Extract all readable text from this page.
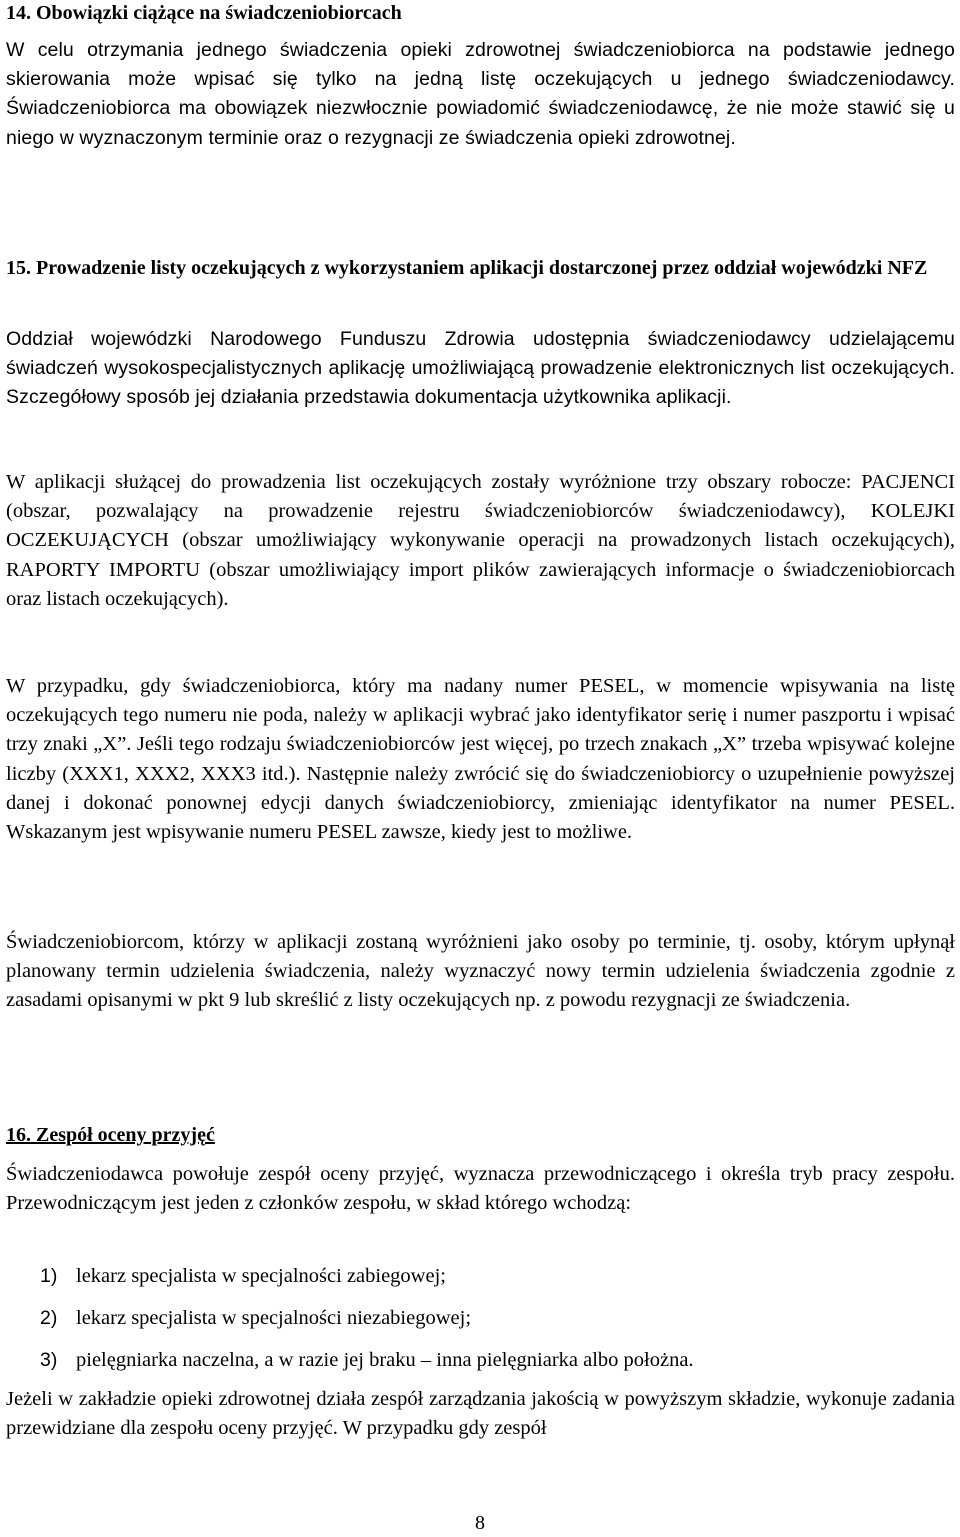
14. Obowiązki ciążące na świadczeniobiorcach

W celu otrzymania jednego świadczenia opieki zdrowotnej świadczeniobiorca na podstawie jednego skierowania może wpisać się tylko na jedną listę oczekujących u jednego świadczeniodawcy. Świadczeniobiorca ma obowiązek niezwłocznie powiadomić świadczeniodawcę, że nie może stawić się u niego w wyznaczonym terminie oraz o rezygnacji ze świadczenia opieki zdrowotnej.

15. Prowadzenie listy oczekujących z wykorzystaniem aplikacji dostarczonej przez oddział wojewódzki NFZ

Oddział wojewódzki Narodowego Funduszu Zdrowia udostępnia świadczeniodawcy udzielającemu świadczeń wysokospecjalistycznych aplikację umożliwiającą prowadzenie elektronicznych list oczekujących. Szczegółowy sposób jej działania przedstawia dokumentacja użytkownika aplikacji.

W aplikacji służącej do prowadzenia list oczekujących zostały wyróżnione trzy obszary robocze: PACJENCI (obszar, pozwalający na prowadzenie rejestru świadczeniobiorców świadczeniodawcy), KOLEJKI OCZEKUJĄCYCH (obszar umożliwiający wykonywanie operacji na prowadzonych listach oczekujących), RAPORTY IMPORTU (obszar umożliwiający import plików zawierających informacje o świadczeniobiorcach oraz listach oczekujących).

W przypadku, gdy świadczeniobiorca, który ma nadany numer PESEL, w momencie wpisywania na listę oczekujących tego numeru nie poda, należy w aplikacji wybrać jako identyfikator serię i numer paszportu i wpisać trzy znaki „X”. Jeśli tego rodzaju świadczeniobiorców jest więcej, po trzech znakach „X” trzeba wpisywać kolejne liczby (XXX1, XXX2, XXX3 itd.). Następnie należy zwrócić się do świadczeniobiorcy o uzupełnienie powyższej danej i dokonać ponownej edycji danych świadczeniobiorcy, zmieniając identyfikator na numer PESEL. Wskazanym jest wpisywanie numeru PESEL zawsze, kiedy jest to możliwe.

Świadczeniobiorcom, którzy w aplikacji zostaną wyróżnieni jako osoby po terminie, tj. osoby, którym upłynął planowany termin udzielenia świadczenia, należy wyznaczyć nowy termin udzielenia świadczenia zgodnie z zasadami opisanymi w pkt 9 lub skreślić z listy oczekujących np. z powodu rezygnacji ze świadczenia.

16. Zespół oceny przyjęć

Świadczeniodawca powołuje zespół oceny przyjęć, wyznacza przewodniczącego i określa tryb pracy zespołu. Przewodniczącym jest jeden z członków zespołu, w skład którego wchodzą:

1) lekarz specjalista w specjalności zabiegowej;
2) lekarz specjalista w specjalności niezabiegowej;
3) pielęgniarka naczelna, a w razie jej braku – inna pielęgniarka albo położna.

Jeżeli w zakładzie opieki zdrowotnej działa zespół zarządzania jakością w powyższym składzie, wykonuje zadania przewidziane dla zespołu oceny przyjęć. W przypadku gdy zespół

8
